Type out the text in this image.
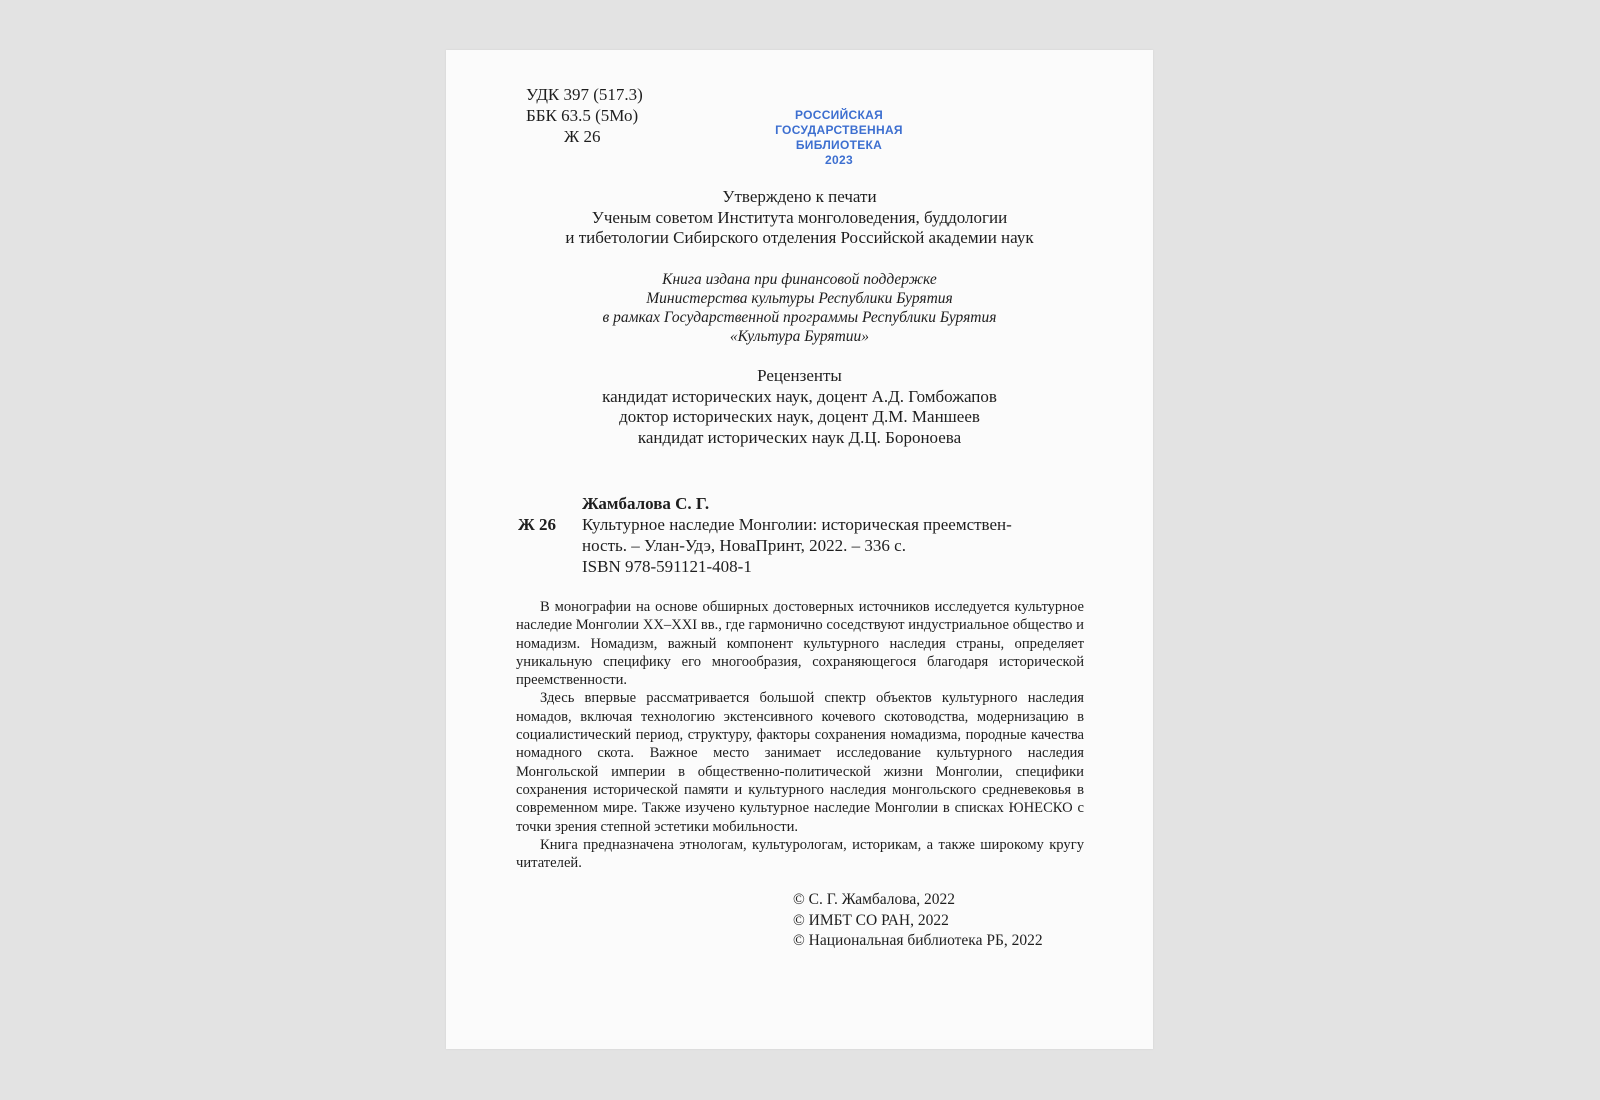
УДК 397 (517.3)
ББК 63.5 (5Мо)
Ж 26
РОССИЙСКАЯ
ГОСУДАРСТВЕННАЯ
БИБЛИОТЕКА
2023
Утверждено к печати
Ученым советом Института монголоведения, буддологии
и тибетологии Сибирского отделения Российской академии наук
Книга издана при финансовой поддержке
Министерства культуры Республики Бурятия
в рамках Государственной программы Республики Бурятия
«Культура Бурятии»
Рецензенты
кандидат исторических наук, доцент А.Д. Гомбожапов
доктор исторических наук, доцент Д.М. Маншеев
кандидат исторических наук Д.Ц. Бороноева
Ж 26
Жамбалова С. Г.
Культурное наследие Монголии: историческая преемствен-
ность. – Улан-Удэ, НоваПринт, 2022. – 336 с.
ISBN 978-591121-408-1

В монографии на основе обширных достоверных источников исследуется культурное наследие Монголии XX–XXI вв., где гармонично соседствуют индустриальное общество и номадизм. Номадизм, важный компонент культурного наследия страны, определяет уникальную специфику его многообразия, сохраняющегося благодаря исторической преемственности.

Здесь впервые рассматривается большой спектр объектов культурного наследия номадов, включая технологию экстенсивного кочевого скотоводства, модернизацию в социалистический период, структуру, факторы сохранения номадизма, породные качества номадного скота. Важное место занимает исследование культурного наследия Монгольской империи в общественно-политической жизни Монголии, специфики сохранения исторической памяти и культурного наследия монгольского средневековья в современном мире. Также изучено культурное наследие Монголии в списках ЮНЕСКО с точки зрения степной эстетики мобильности.

Книга предназначена этнологам, культурологам, историкам, а также широкому кругу читателей.

© С. Г. Жамбалова, 2022
© ИМБТ СО РАН, 2022
© Национальная библиотека РБ, 2022
